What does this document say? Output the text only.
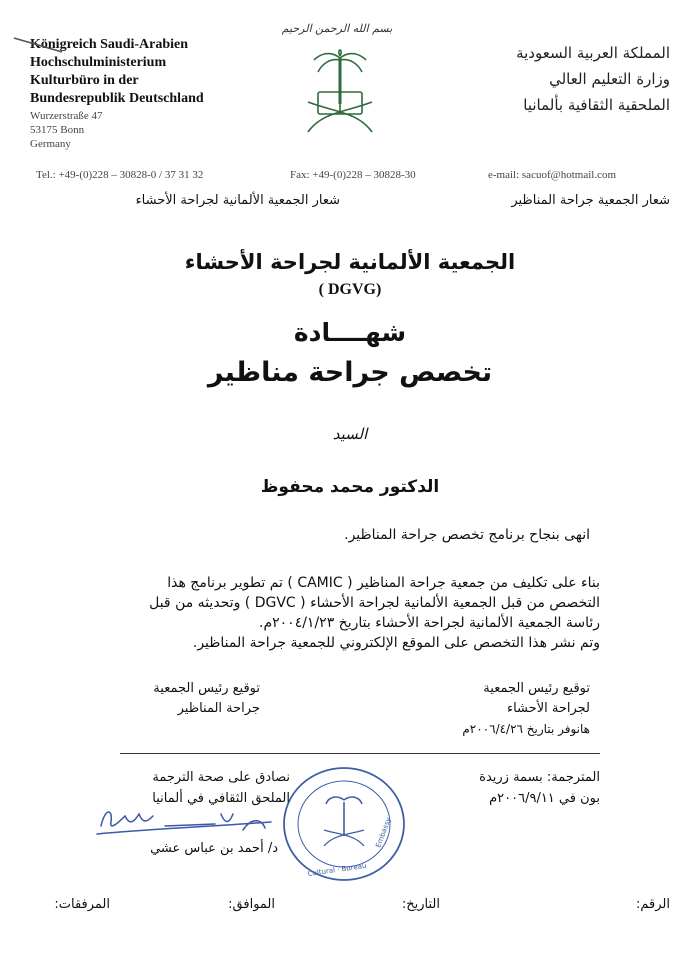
Königreich Saudi-Arabien
Hochschulministerium
Kulturbüro in der
Bundesrepublik Deutschland
Wurzerstraße 47
53175 Bonn
Germany
بسم الله الرحمن الرحيم
المملكة العربية السعودية
وزارة التعليم العالي
الملحقية الثقافية بألمانيا
Tel.: +49-(0)228 – 30828-0 / 37 31 32	Fax: +49-(0)228 – 30828-30	e-mail: sacuof@hotmail.com
شعار الجمعية جراحة المناظير
شعار الجمعية الألمانية لجراحة الأحشاء
الجمعية الألمانية لجراحة الأحشاء
( DGVG)
شهــــادة
تخصص جراحة مناظير
السيد
الدكتور محمد محفوظ
انهى بنجاح برنامج تخصص جراحة المناظير.
بناء على تكليف من جمعية جراحة المناظير ( CAMIC ) تم تطوير برنامج هذا
التخصص من قبل الجمعية الألمانية لجراحة الأحشاء ( DGVC ) وتحديثه من قبل
رئاسة الجمعية الألمانية لجراحة الأحشاء بتاريخ ٢٠٠٤/١/٢٣م.
وتم نشر هذا التخصص على الموقع الإلكتروني للجمعية جراحة المناظير.
توقيع رئيس الجمعية
لجراحة الأحشاء
هانوفر بتاريخ ٢٠٠٦/٤/٢٦م
توقيع رئيس الجمعية
جراحة المناظير
المترجمة: بسمة زريدة
بون في ٢٠٠٦/٩/١١م
Cultural · Bureau
Embassy
نصادق على صحة الترجمة
الملحق الثقافي في ألمانيا
د/ أحمد بن عباس عشي
الرقم:
التاريخ:
الموافق:
المرفقات:
